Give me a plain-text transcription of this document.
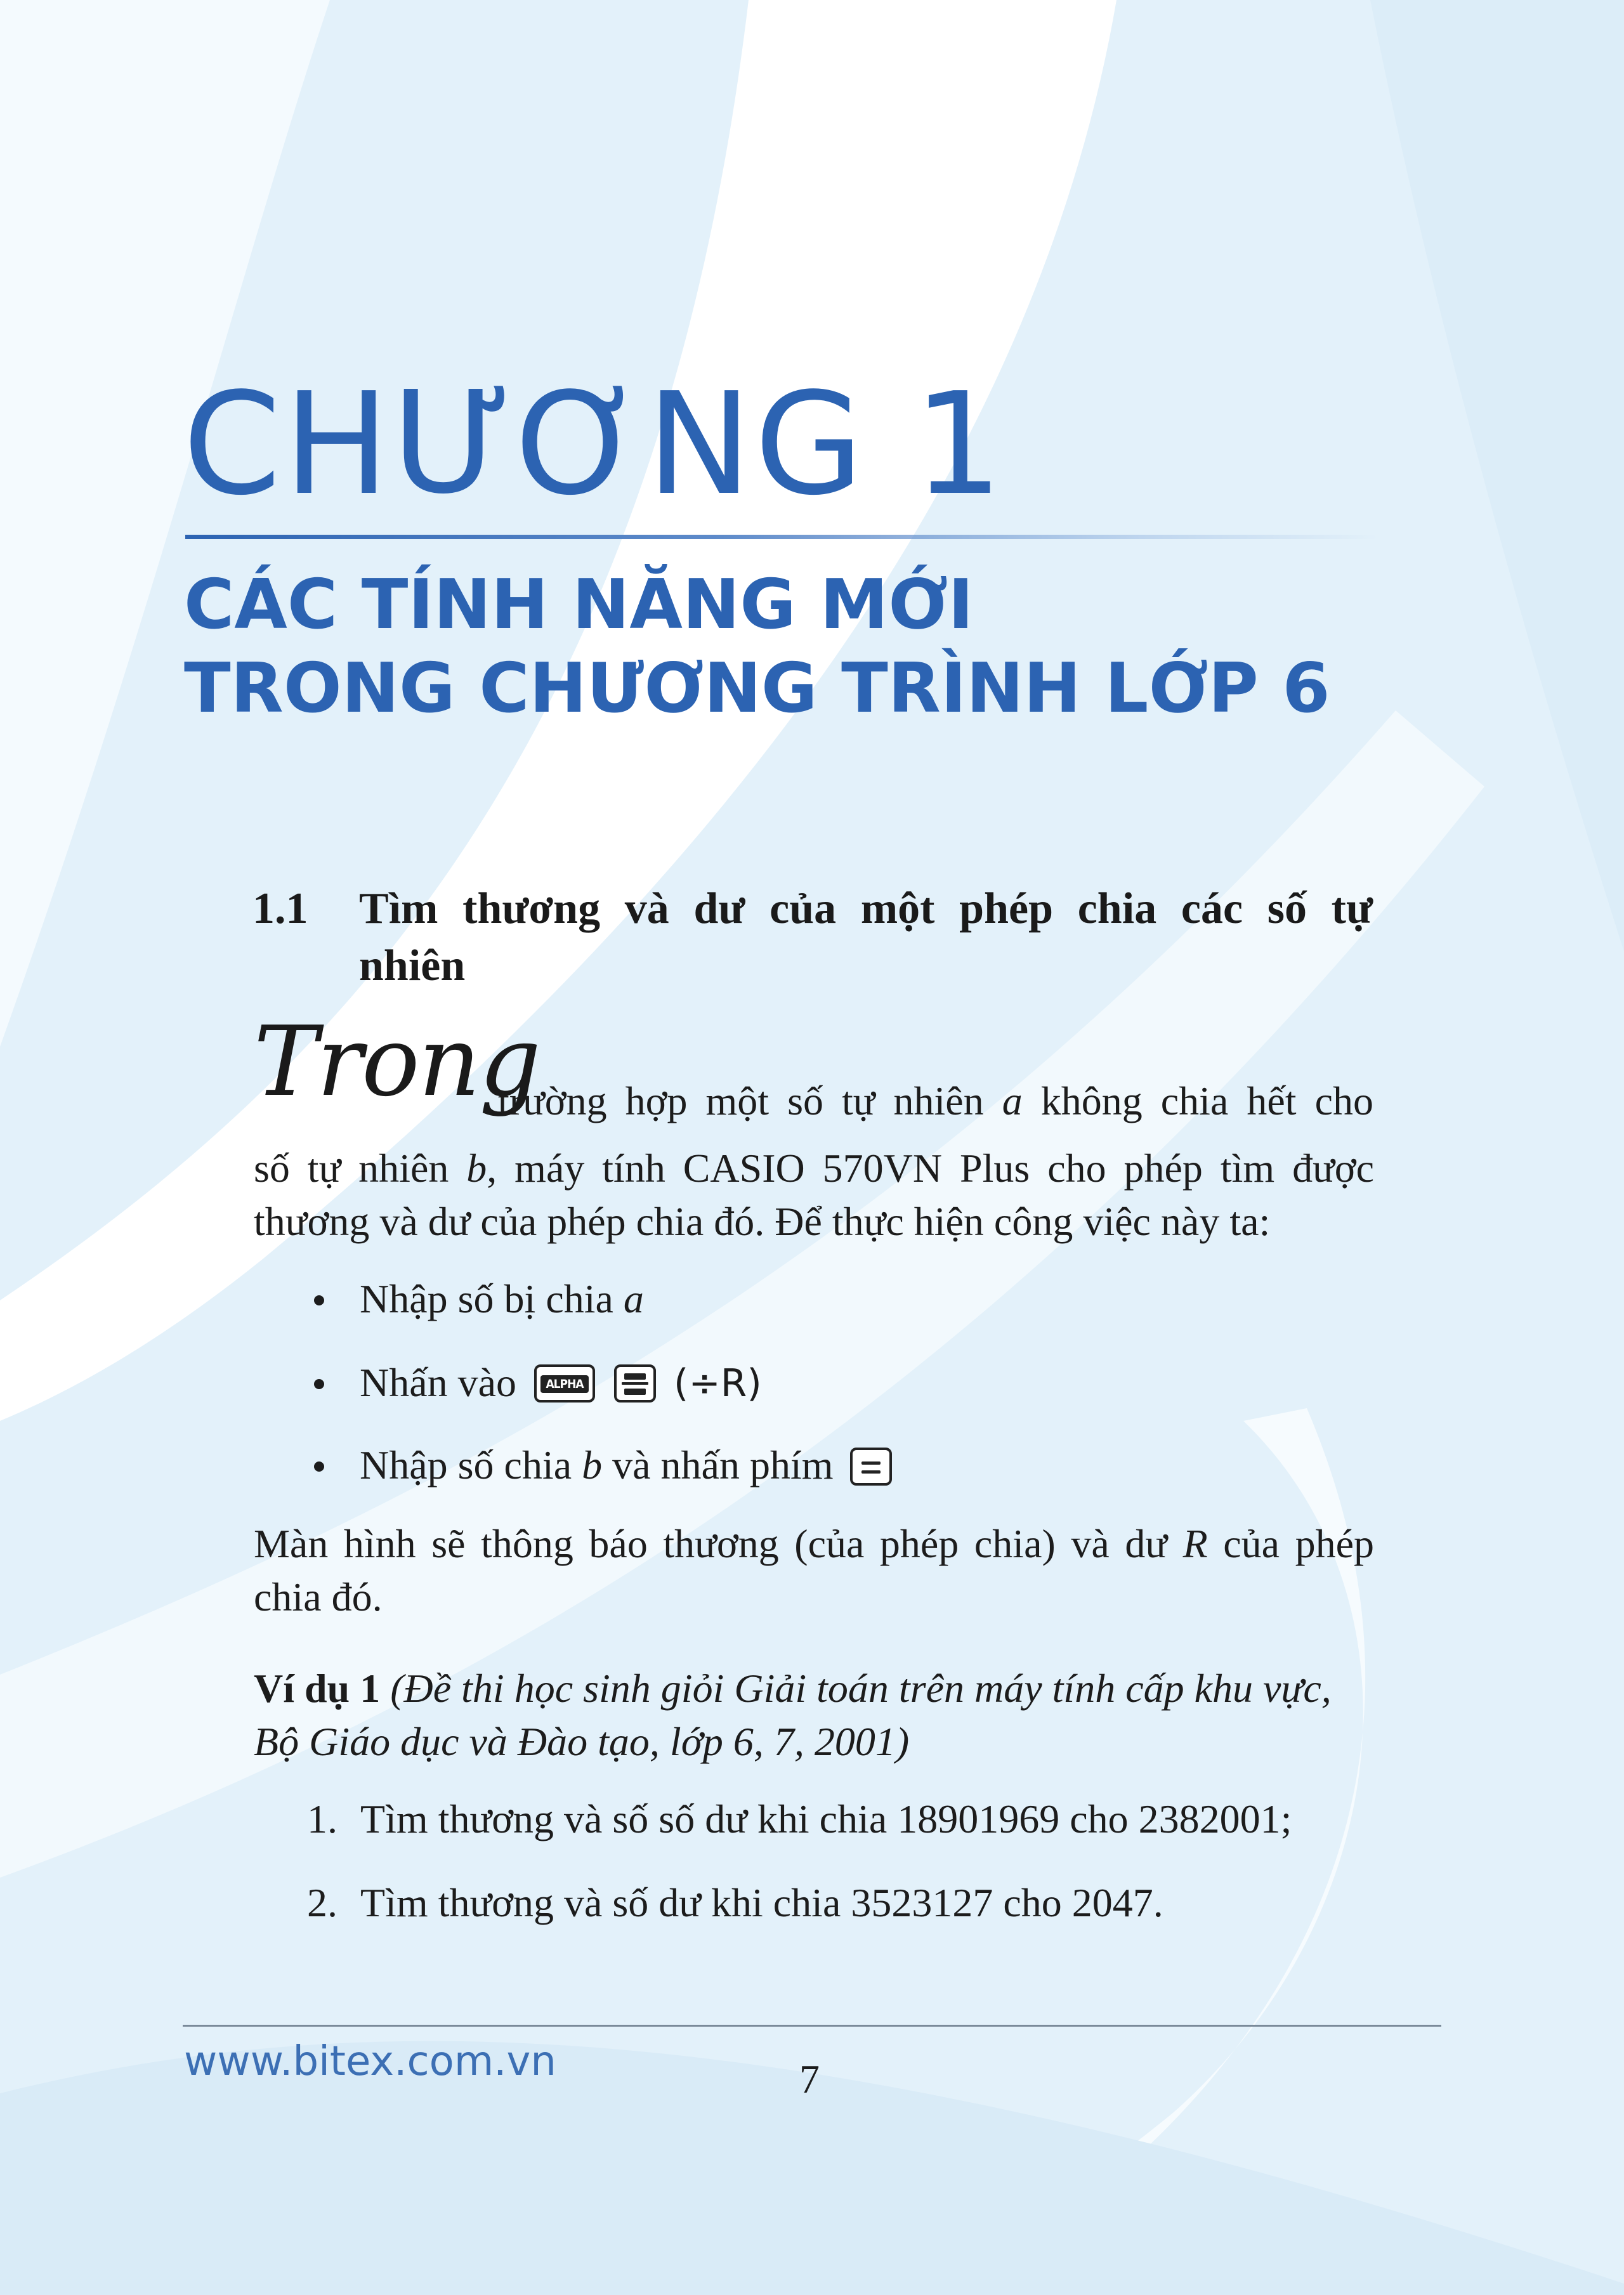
CHƯƠNG 1
CÁC TÍNH NĂNG MỚI
TRONG CHƯƠNG TRÌNH LỚP 6
1.1 Tìm thương và dư của một phép chia các số tự
nhiên
Trong
trường hợp một số tự nhiên a không chia hết cho
số tự nhiên b, máy tính CASIO 570VN Plus cho phép tìm được
thương và dư của phép chia đó. Để thực hiện công việc này ta:
Nhập số bị chia a
Nhấn vào	ALPHA (÷R)
Nhập số chia b và nhấn phím
Màn hình sẽ thông báo thương (của phép chia) và dư R của phép
chia đó.
Ví dụ 1 (Đề thi học sinh giỏi Giải toán trên máy tính cấp khu vực,
Bộ Giáo dục và Đào tạo, lớp 6, 7, 2001)
1. Tìm thương và số số dư khi chia 18901969 cho 2382001;
2. Tìm thương và số dư khi chia 3523127 cho 2047.
www.bitex.com.vn	7
